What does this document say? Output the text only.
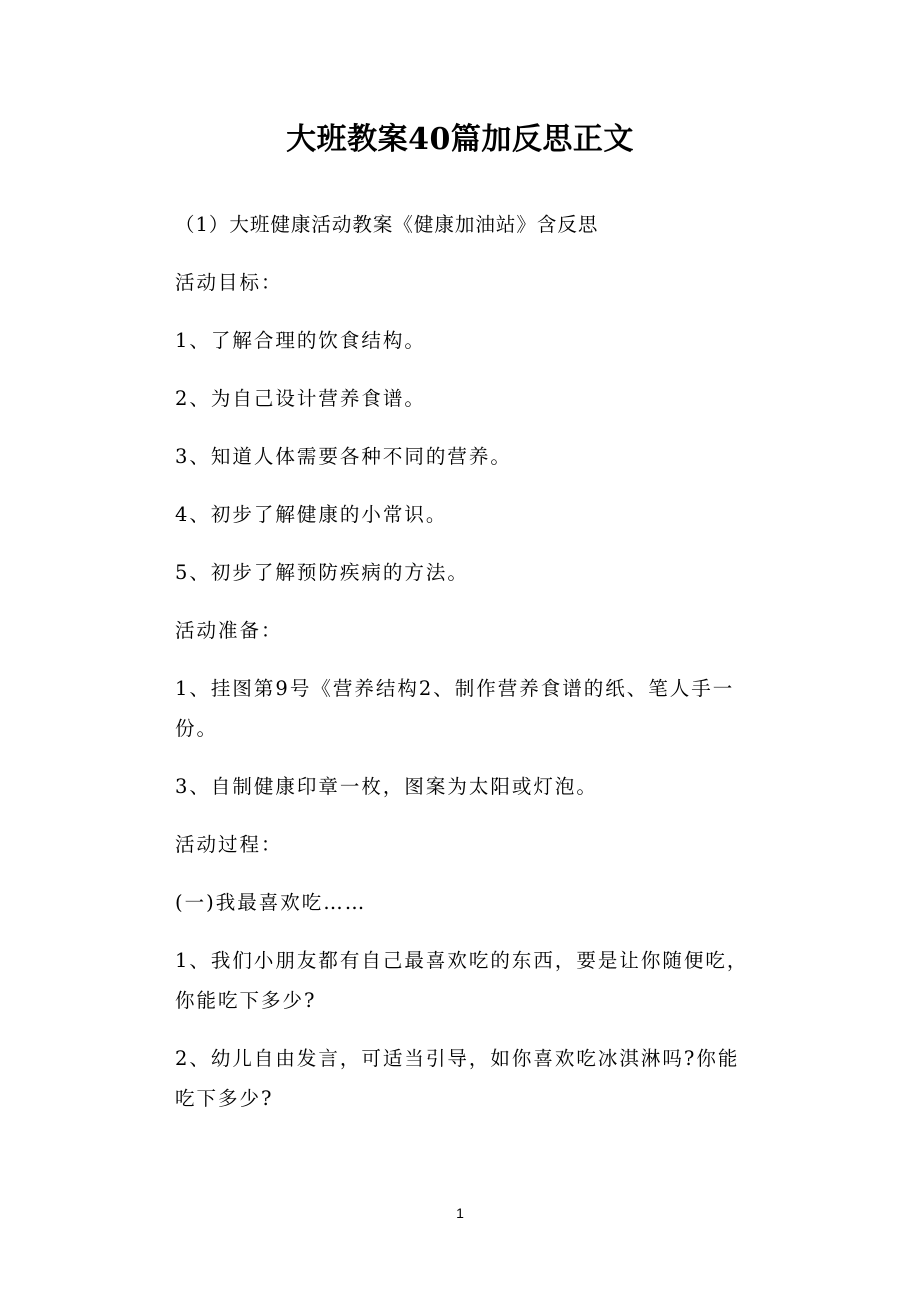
大班教案40篇加反思正文

（1）大班健康活动教案《健康加油站》含反思

活动目标：

1、了解合理的饮食结构。

2、为自己设计营养食谱。

3、知道人体需要各种不同的营养。

4、初步了解健康的小常识。

5、初步了解预防疾病的方法。

活动准备：

1、挂图第9号《营养结构2、制作营养食谱的纸、笔人手一份。

3、自制健康印章一枚，图案为太阳或灯泡。

活动过程：

(一)我最喜欢吃……

1、我们小朋友都有自己最喜欢吃的东西，要是让你随便吃，你能吃下多少?

2、幼儿自由发言，可适当引导，如你喜欢吃冰淇淋吗?你能吃下多少?

1
